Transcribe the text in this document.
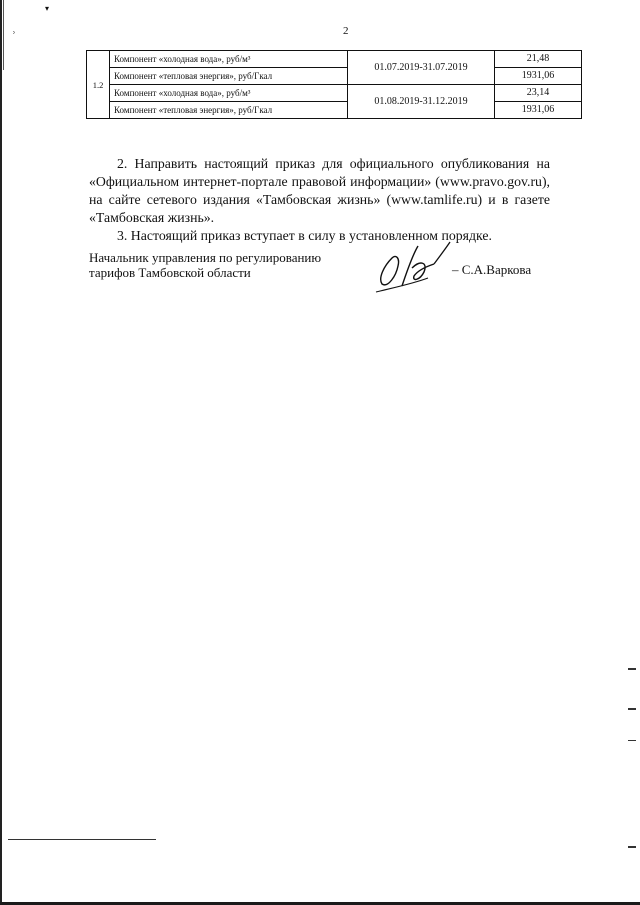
⸒
▾
2
1.2	Компонент «холодная вода», руб/м³	01.07.2019-31.07.2019	21,48
	Компонент «тепловая энергия», руб/Гкал		1931,06
	Компонент «холодная вода», руб/м³	01.08.2019-31.12.2019	23,14
	Компонент «тепловая энергия», руб/Гкал		1931,06

2. Направить настоящий приказ для официального опубликования на «Официальном интернет-портале правовой информации» (www.pravo.gov.ru), на сайте сетевого издания «Тамбовская жизнь» (www.tamlife.ru) и в газете «Тамбовская жизнь».

3. Настоящий приказ вступает в силу в установленном порядке.

Начальник управления по регулированию
тарифов Тамбовской области	– С.А.Варкова
